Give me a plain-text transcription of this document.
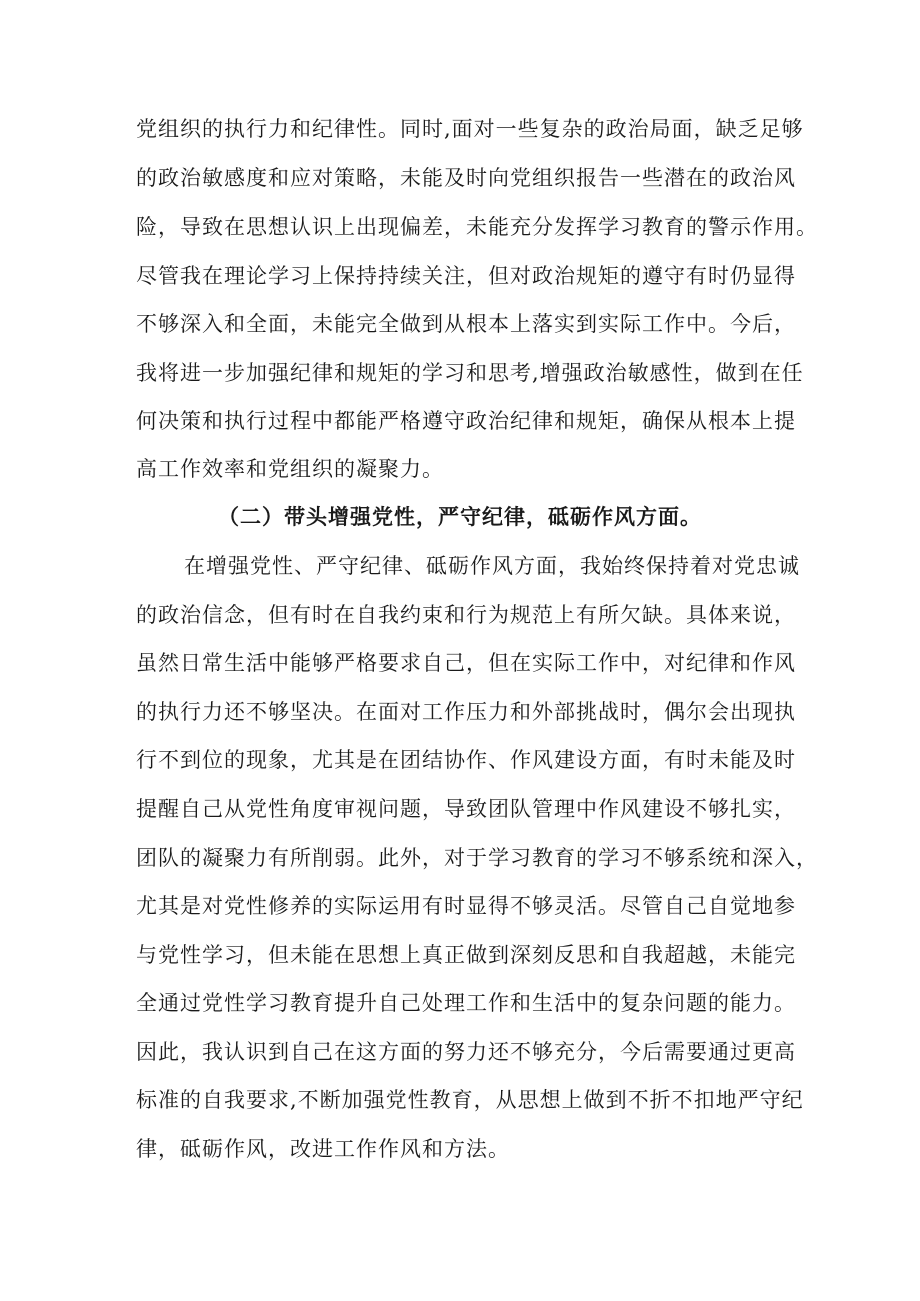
党组织的执行力和纪律性。同时,面对一些复杂的政治局面，缺乏足够
的政治敏感度和应对策略，未能及时向党组织报告一些潜在的政治风
险，导致在思想认识上出现偏差，未能充分发挥学习教育的警示作用。
尽管我在理论学习上保持持续关注，但对政治规矩的遵守有时仍显得
不够深入和全面，未能完全做到从根本上落实到实际工作中。今后，
我将进一步加强纪律和规矩的学习和思考,增强政治敏感性，做到在任
何决策和执行过程中都能严格遵守政治纪律和规矩，确保从根本上提
高工作效率和党组织的凝聚力。
（二）带头增强党性，严守纪律，砥砺作风方面。
在增强党性、严守纪律、砥砺作风方面，我始终保持着对党忠诚
的政治信念，但有时在自我约束和行为规范上有所欠缺。具体来说，
虽然日常生活中能够严格要求自己，但在实际工作中，对纪律和作风
的执行力还不够坚决。在面对工作压力和外部挑战时，偶尔会出现执
行不到位的现象，尤其是在团结协作、作风建设方面，有时未能及时
提醒自己从党性角度审视问题，导致团队管理中作风建设不够扎实，
团队的凝聚力有所削弱。此外，对于学习教育的学习不够系统和深入，
尤其是对党性修养的实际运用有时显得不够灵活。尽管自己自觉地参
与党性学习，但未能在思想上真正做到深刻反思和自我超越，未能完
全通过党性学习教育提升自己处理工作和生活中的复杂问题的能力。
因此，我认识到自己在这方面的努力还不够充分，今后需要通过更高
标准的自我要求,不断加强党性教育，从思想上做到不折不扣地严守纪
律，砥砺作风，改进工作作风和方法。
